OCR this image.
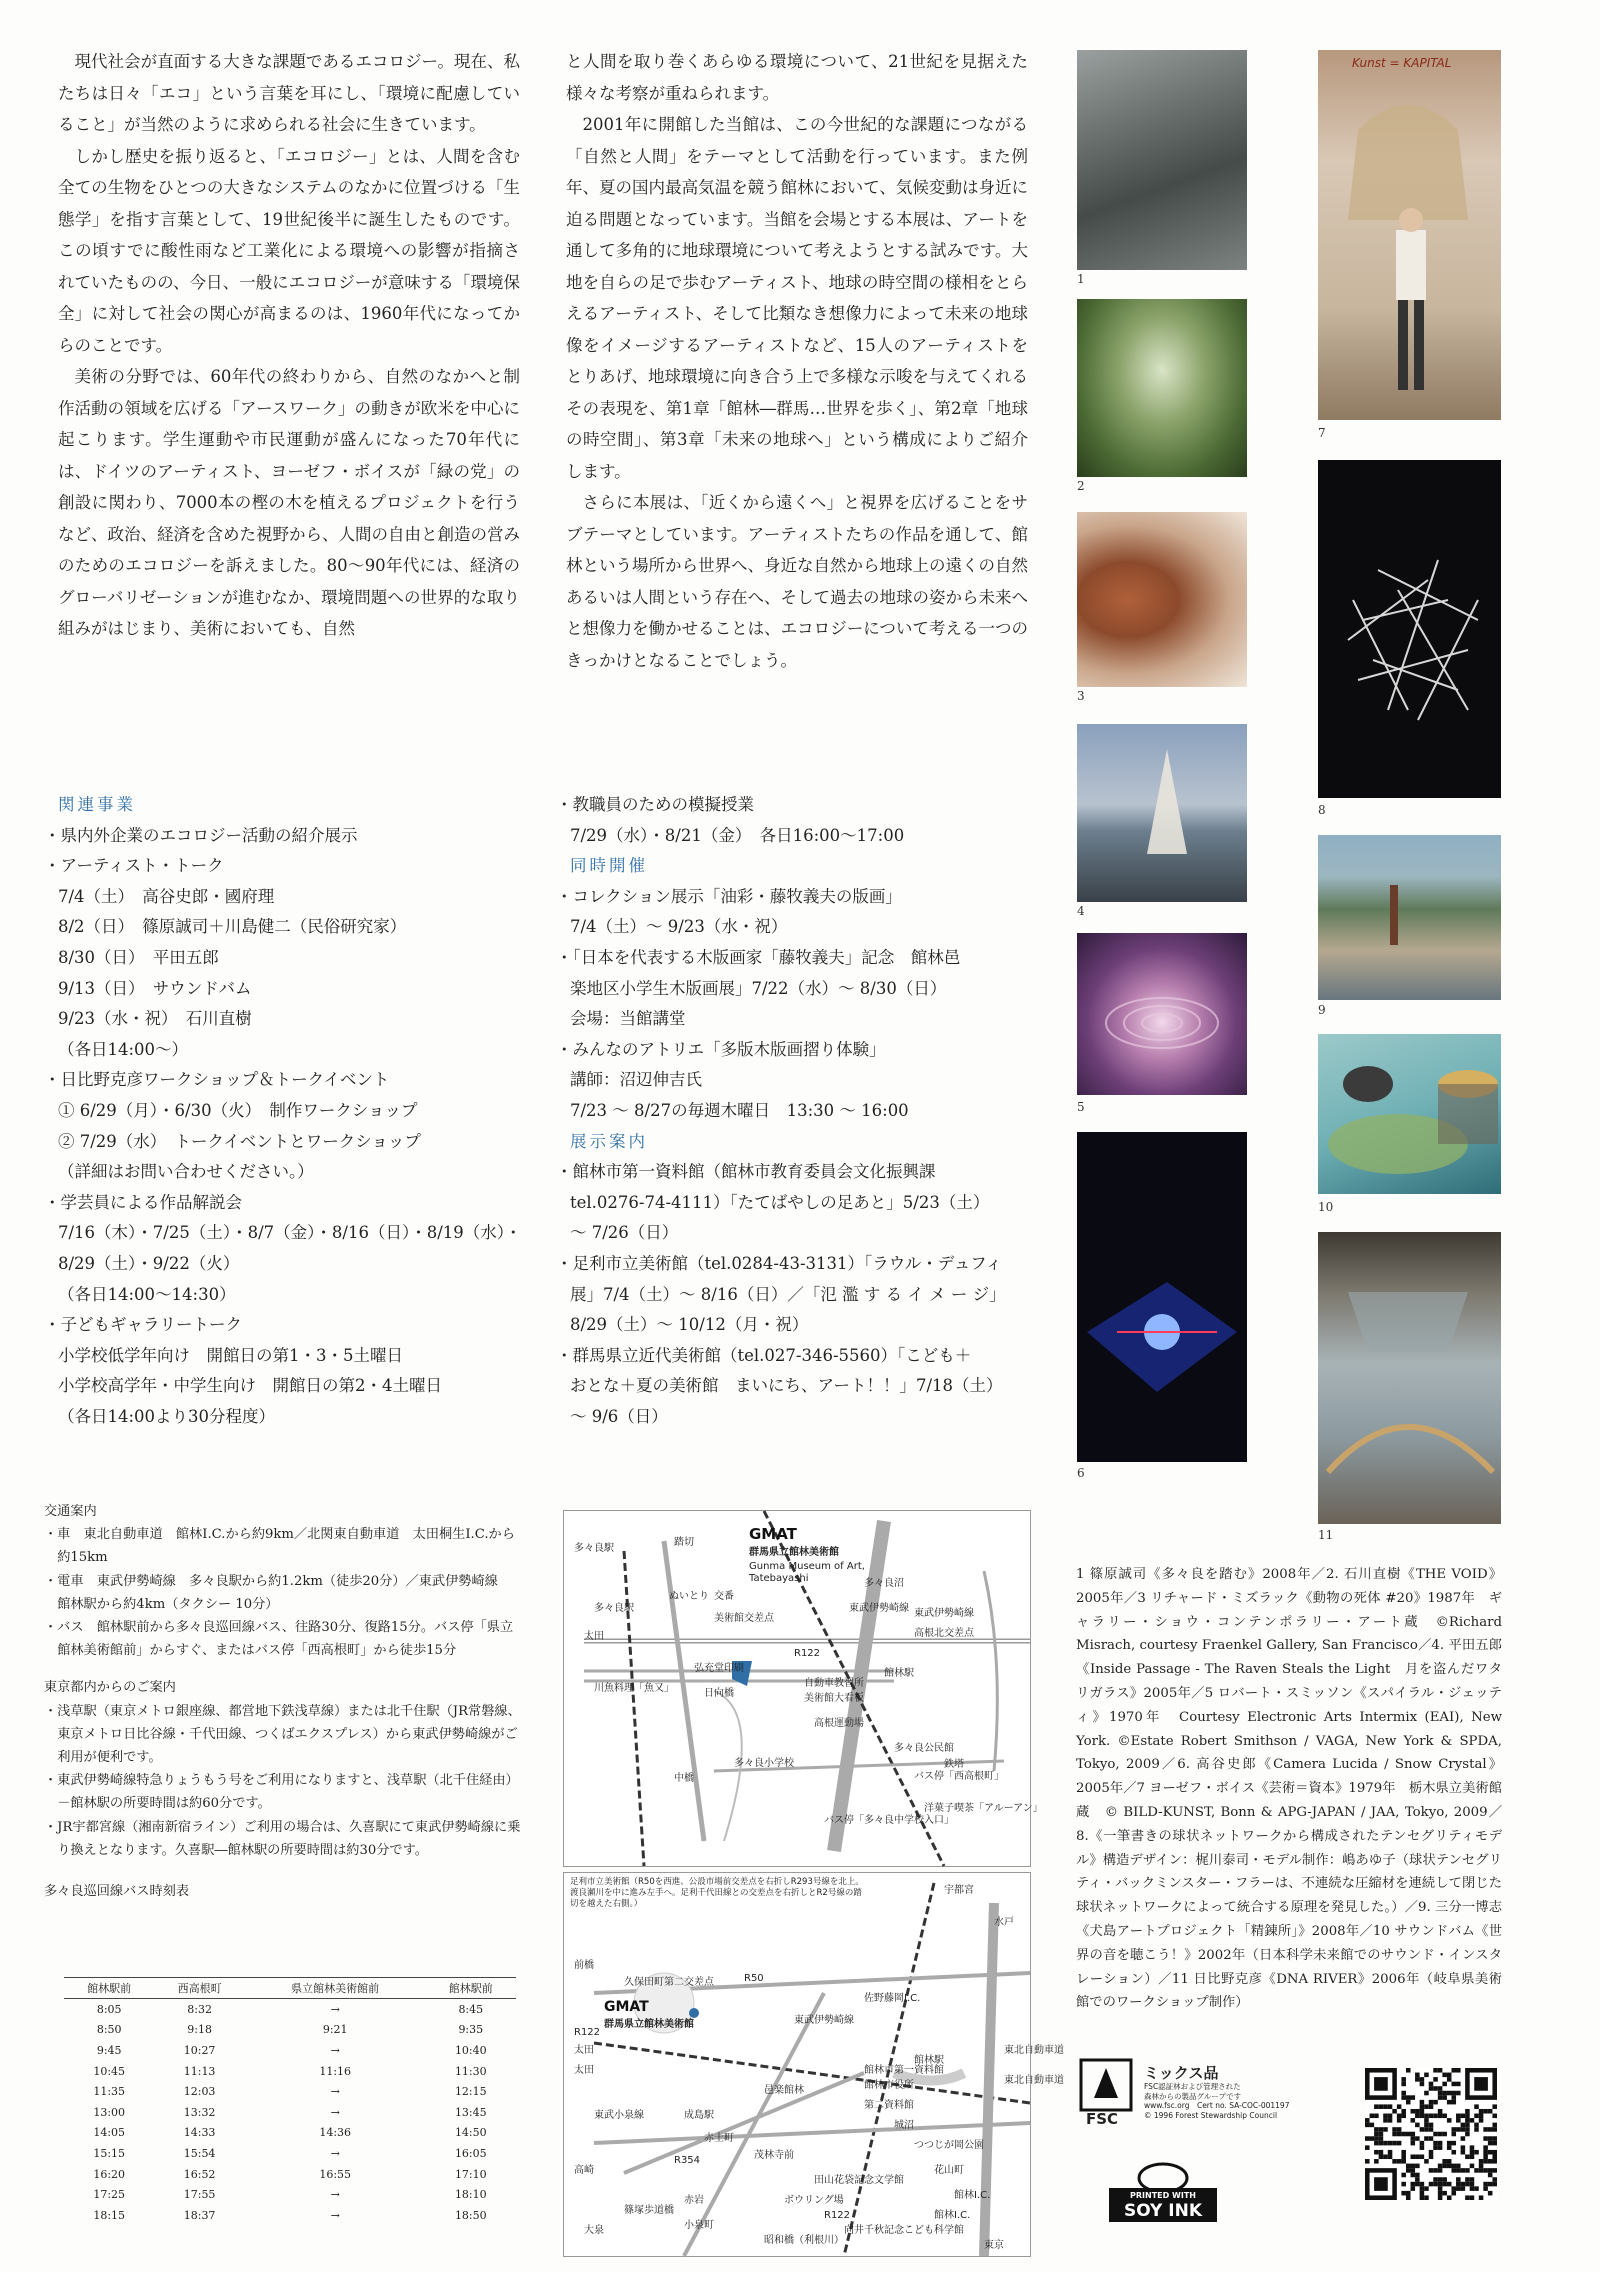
現代社会が直面する大きな課題であるエコロジー。現在、私たちは日々「エコ」という言葉を耳にし、「環境に配慮していること」が当然のように求められる社会に生きています。

しかし歴史を振り返ると、「エコロジー」とは、人間を含む全ての生物をひとつの大きなシステムのなかに位置づける「生態学」を指す言葉として、19世紀後半に誕生したものです。この頃すでに酸性雨など工業化による環境への影響が指摘されていたものの、今日、一般にエコロジーが意味する「環境保全」に対して社会の関心が高まるのは、1960年代になってからのことです。

美術の分野では、60年代の終わりから、自然のなかへと制作活動の領域を広げる「アースワーク」の動きが欧米を中心に起こります。学生運動や市民運動が盛んになった70年代には、ドイツのアーティスト、ヨーゼフ・ボイスが「緑の党」の創設に関わり、7000本の樫の木を植えるプロジェクトを行うなど、政治、経済を含めた視野から、人間の自由と創造の営みのためのエコロジーを訴えました。80～90年代には、経済のグローバリゼーションが進むなか、環境問題への世界的な取り組みがはじまり、美術においても、自然

と人間を取り巻くあらゆる環境について、21世紀を見据えた様々な考察が重ねられます。

2001年に開館した当館は、この今世紀的な課題につながる「自然と人間」をテーマとして活動を行っています。また例年、夏の国内最高気温を競う館林において、気候変動は身近に迫る問題となっています。当館を会場とする本展は、アートを通して多角的に地球環境について考えようとする試みです。大地を自らの足で歩むアーティスト、地球の時空間の様相をとらえるアーティスト、そして比類なき想像力によって未来の地球像をイメージするアーティストなど、15人のアーティストをとりあげ、地球環境に向き合う上で多様な示唆を与えてくれるその表現を、第1章「館林―群馬…世界を歩く」、第2章「地球の時空間」、第3章「未来の地球へ」という構成によりご紹介します。

さらに本展は、「近くから遠くへ」と視界を広げることをサブテーマとしています。アーティストたちの作品を通して、館林という場所から世界へ、身近な自然から地球上の遠くの自然あるいは人間という存在へ、そして過去の地球の姿から未来へと想像力を働かせることは、エコロジーについて考える一つのきっかけとなることでしょう。

関連事業
・県内外企業のエコロジー活動の紹介展示
・アーティスト・トーク
7/4（土）　高谷史郎・國府理
8/2（日）　篠原誠司＋川島健二（民俗研究家）
8/30（日）　平田五郎
9/13（日）　サウンドバム
9/23（水・祝）　石川直樹
（各日14:00～）
・日比野克彦ワークショップ＆トークイベント
① 6/29（月）・6/30（火）　制作ワークショップ
② 7/29（水）　トークイベントとワークショップ
（詳細はお問い合わせください。）
・学芸員による作品解説会
7/16（木）・7/25（土）・8/7（金）・8/16（日）・8/19（水）・
8/29（土）・9/22（火）
（各日14:00～14:30）
・子どもギャラリートーク
小学校低学年向け　開館日の第1・3・5土曜日
小学校高学年・中学生向け　開館日の第2・4土曜日
（各日14:00より30分程度）
・教職員のための模擬授業
7/29（水）・8/21（金）　各日16:00～17:00
同時開催
・コレクション展示「油彩・藤牧義夫の版画」
7/4（土）～ 9/23（水・祝）
・「日本を代表する木版画家「藤牧義夫」記念　館林邑
楽地区小学生木版画展」7/22（水）～ 8/30（日）
会場：当館講堂
・みんなのアトリエ「多版木版画摺り体験」
講師：沼辺伸吉氏
7/23 ～ 8/27の毎週木曜日　13:30 ～ 16:00
展示案内
・館林市第一資料館（館林市教育委員会文化振興課
tel.0276-74-4111）「たてばやしの足あと」5/23（土）
～ 7/26（日）
・足利市立美術館（tel.0284-43-3131）「ラウル・デュフィ
展」7/4（土）～ 8/16（日）／「氾 濫 す る イ メ ー ジ」
8/29（土）～ 10/12（月・祝）
・群馬県立近代美術館（tel.027-346-5560）「こども＋
おとな＋夏の美術館　まいにち、アート！！」7/18（土）
～ 9/6（日）
交通案内
・車　東北自動車道　館林I.C.から約9km／北関東自動車道　太田桐生I.C.から約15km
・電車　東武伊勢崎線　多々良駅から約1.2km（徒歩20分）／東武伊勢崎線　館林駅から約4km（タクシー 10分）
・バス　館林駅前から多々良巡回線バス、往路30分、復路15分。バス停「県立館林美術館前」からすぐ、またはバス停「西高根町」から徒歩15分
東京都内からのご案内
・浅草駅（東京メトロ銀座線、都営地下鉄浅草線）または北千住駅（JR常磐線、東京メトロ日比谷線・千代田線、つくばエクスプレス）から東武伊勢崎線がご利用が便利です。
・東武伊勢崎線特急りょうもう号をご利用になりますと、浅草駅（北千住経由）－館林駅の所要時間は約60分です。
・JR宇都宮線（湘南新宿ライン）ご利用の場合は、久喜駅にて東武伊勢崎線に乗り換えとなります。久喜駅―館林駅の所要時間は約30分です。
多々良巡回線バス時刻表
館林駅前	西高根町	県立館林美術館前	館林駅前
8:05	8:32	→	8:45
8:50	9:18	9:21	9:35
9:45	10:27	→	10:40
10:45	11:13	11:16	11:30
11:35	12:03	→	12:15
13:00	13:32	→	13:45
14:05	14:33	14:36	14:50
15:15	15:54	→	16:05
16:20	16:52	16:55	17:10
17:25	17:55	→	18:10
18:15	18:37	→	18:50
GMAT
群馬県立館林美術館
Gunma Museum of Art,
Tatebayashi
多々良駅
踏切
多々良沼
東武伊勢崎線
太田	高根北交差点
R122
館林駅
高根運動場
弘充堂印刷
多々良公民館
バス停「西高根町」
バス停「多々良中学校入口」
洋菓子喫茶「アルーアン」
美術館交差点
日向橋
中橋
多々良駅
川魚料理「魚又」
ぬいとり 交番
自動車教習所
東武伊勢崎線
美術館大看板
多々良小学校	鉄塔
GMAT
群馬県立館林美術館
足利市立美術館（R50を西進、公設市場前交差点を右折しR293号線を北上。渡良瀬川を中に進み左手へ。足利千代田線との交差点を右折しとR2号線の踏切を越えた右側。）
宇都宮
水戸
前橋
太田
R122
R50
久保田町第二交差点
佐野藤岡I.C.
館林駅
館林市役所
館林市第一資料館
第二資料館
城沼
つつじが岡公園
花山町
館林I.C.
東北自動車道
東武伊勢崎線
邑楽館林
高崎
赤岩
R354
大泉
太田
東武小泉線	成島駅
赤土町
茂林寺前
東京
R122
館林I.C.
東北自動車道
田山花袋記念文学館
向井千秋記念こども科学館
ボウリング場
昭和橋（利根川）
篠塚歩道橋
小泉町
1
2
3
4
5
6
Kunst = KAPITAL
7
8
9
10
11
1 篠原誠司《多々良を踏む》2008年／2. 石川直樹《THE VOID》2005年／3 リチャード・ミズラック《動物の死体 #20》1987年　ギャラリー・ショウ・コンテンポラリー・アート蔵　©Richard Misrach, courtesy Fraenkel Gallery, San Francisco／4. 平田五郎《Inside Passage - The Raven Steals the Light　月を盗んだワタリガラス》2005年／5 ロバート・スミッソン《スパイラル・ジェッティ》1970年　Courtesy Electronic Arts Intermix (EAI), New York. ©Estate Robert Smithson / VAGA, New York & SPDA, Tokyo, 2009／6. 高谷史郎《Camera Lucida / Snow Crystal》2005年／7 ヨーゼフ・ボイス《芸術＝資本》1979年　栃木県立美術館蔵　© BILD-KUNST, Bonn & APG-JAPAN / JAA, Tokyo, 2009／8.《一筆書きの球状ネットワークから構成されたテンセグリティモデル》構造デザイン：梶川泰司・モデル制作：嶋あゆ子（球状テンセグリティ・バックミンスター・フラーは、不連続な圧縮材を連続して閉じた球状ネットワークによって統合する原理を発見した。）／9. 三分一博志《犬島アートプロジェクト「精錬所」》2008年／10 サウンドバム《世界の音を聴こう！》2002年（日本科学未来館でのサウンド・インスタレーション）／11 日比野克彦《DNA RIVER》2006年（岐阜県美術館でのワークショップ制作）
FSC
ミックス品
FSC認証林および管理された
森林からの製品グループです
www.fsc.org　Cert no. SA-COC-001197
© 1996 Forest Stewardship Council
PRINTED WITH
SOY INK
